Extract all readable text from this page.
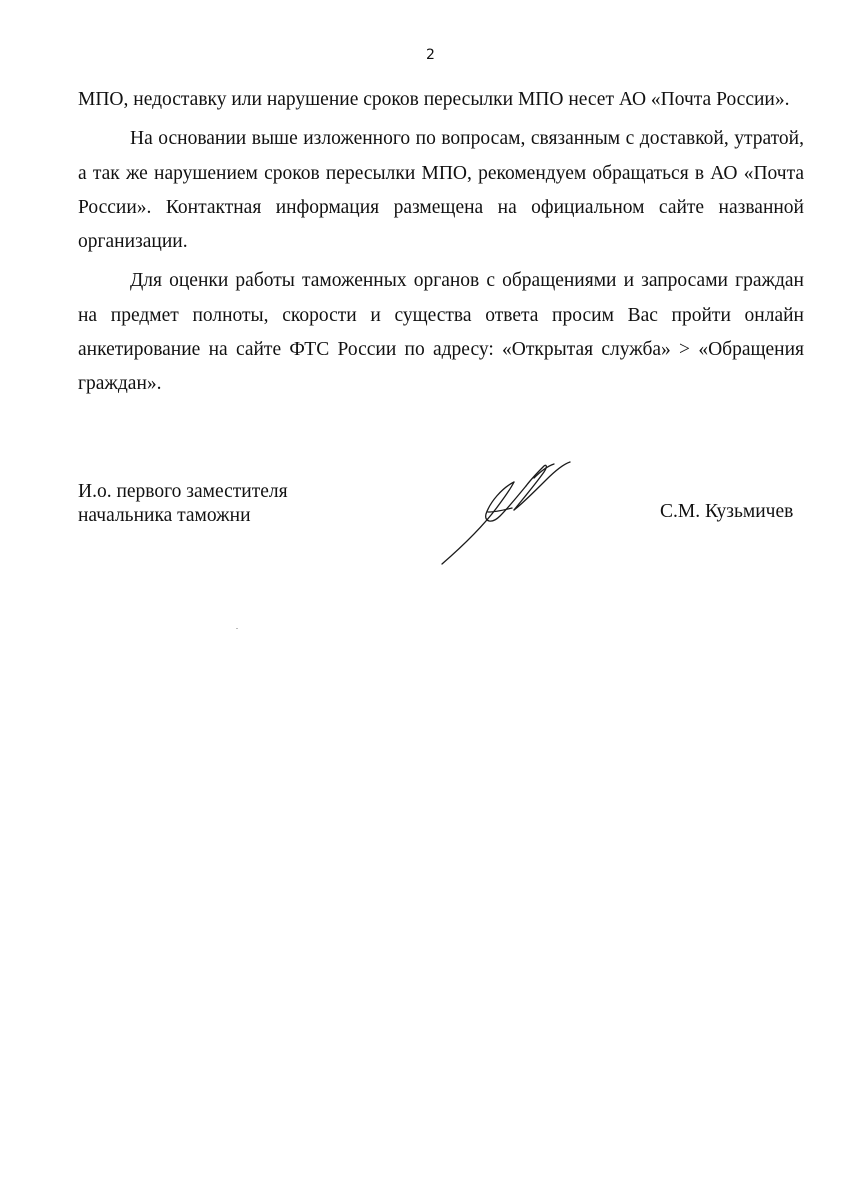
2

МПО, недоставку или нарушение сроков пересылки МПО несет АО «Почта России».

На основании выше изложенного по вопросам, связанным с доставкой, утратой, а так же нарушением сроков пересылки МПО, рекомендуем обращаться в АО «Почта России». Контактная информация размещена на официальном сайте названной организации.

Для оценки работы таможенных органов с обращениями и запросами граждан на предмет полноты, скорости и существа ответа просим Вас пройти онлайн анкетирование на сайте ФТС России по адресу: «Открытая служба» > «Обращения граждан».

И.о. первого заместителя
начальника таможни	С.М. Кузьмичев
